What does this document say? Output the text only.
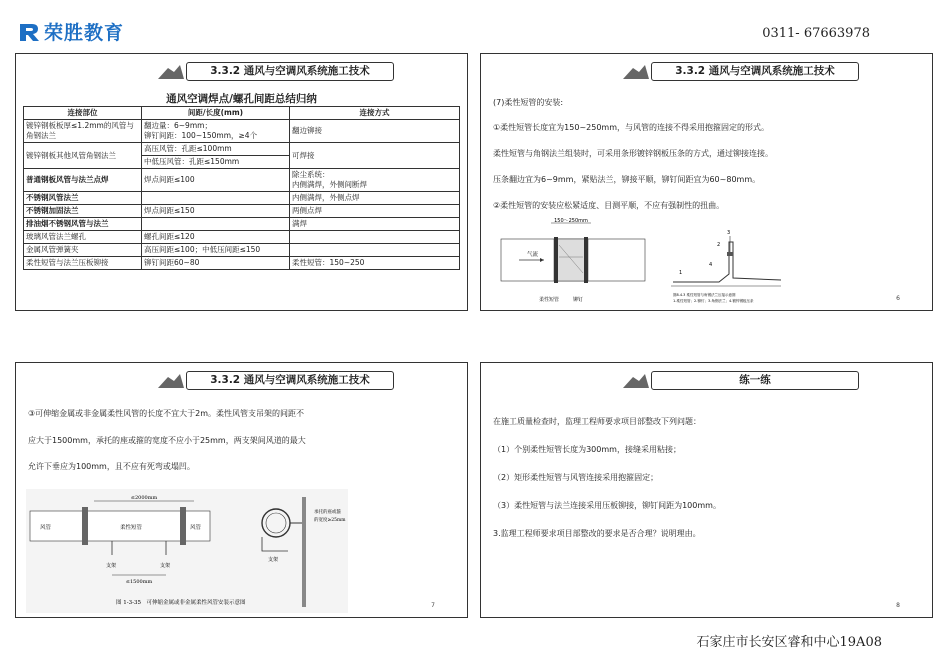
荣胜教育	0311- 67663978
3.3.2 通风与空调风系统施工技术
通风空调焊点/螺孔间距总结归纳
连接部位	间距/长度(mm)	连接方式
镀锌钢板板厚≤1.2mm的风管与角钢法兰	翻边量：6~9mm；
铆钉间距：100~150mm，≥4个	翻边铆接
镀锌钢板其他风管角钢法兰	高压风管：孔距≤100mm	可焊接
	中低压风管：孔距≤150mm	
普通钢板风管与法兰点焊	焊点间距≤100	除尘系统：
内侧满焊，外侧间断焊
不锈钢风管法兰		内侧满焊，外侧点焊
不锈钢加固法兰	焊点间距≤150	两侧点焊
排油烟不锈钢风管与法兰		满焊
玻璃风管法兰螺孔	螺孔间距≤120	
金属风管弹簧夹	高压间距≤100；中低压间距≤150	
柔性短管与法兰压板铆接	铆钉间距60~80	柔性短管：150~250
3.3.2 通风与空调风系统施工技术
(7)柔性短管的安装:
①柔性短管长度宜为150~250mm，与风管的连接不得采用抱箍固定的形式。
柔性短管与角钢法兰组装时，可采用条形镀锌钢板压条的方式，通过铆接连接。
压条翻边宜为6~9mm，紧贴法兰，铆接平顺，铆钉间距宜为60~80mm。
②柔性短管的安装应松紧适度、目测平顺，不应有强制性的扭曲。
150～250mm
气流
柔性短管	铆钉
3
2
1
4
图8.4.3 柔性短管与角钢法兰压接示意图
1-柔性短管；2-铆钉；3-角钢法兰；4-镀锌钢板压条	6
3.3.2 通风与空调风系统施工技术
③可伸缩金属或非金属柔性风管的长度不宜大于2m。柔性风管支吊架的间距不
应大于1500mm，承托的座或箍的宽度不应小于25mm，两支架间风道的最大
允许下垂应为100mm，且不应有死弯或塌凹。
≤2000mm
风管	风管
柔性短管
支架	支架
≤1500mm
支架
承托的座或箍
的宽度≥25mm
图 1-3-35　可伸缩金属或非金属柔性风管安装示意图	7
练一练
在施工质量检查时，监理工程师要求项目部整改下列问题：
（1）个别柔性短管长度为300mm，接缝采用粘接；
（2）矩形柔性短管与风管连接采用抱箍固定；
（3）柔性短管与法兰连接采用压板铆接，铆钉间距为100mm。
3.监理工程师要求项目部整改的要求是否合理？说明理由。
8
石家庄市长安区睿和中心19A08
